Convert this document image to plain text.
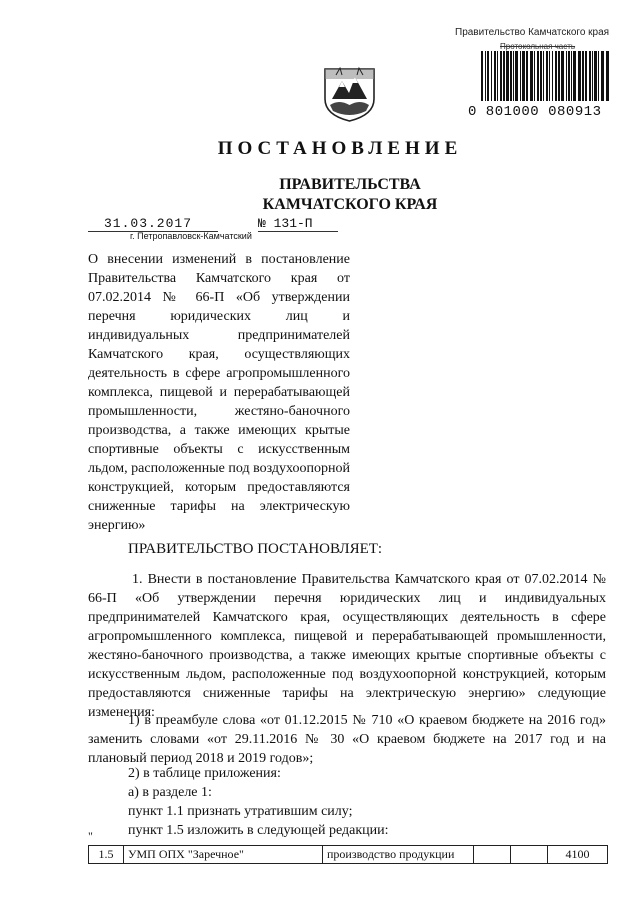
Правительство Камчатского края
Протокольная часть
0 801000 080913
ПОСТАНОВЛЕНИЕ
ПРАВИТЕЛЬСТВА
КАМЧАТСКОГО КРАЯ
31.03.2017	№ 131-П
г. Петропавловск-Камчатский
О внесении изменений в постановление Правительства Камчатского края от 07.02.2014 № 66-П «Об утверждении перечня юридических лиц и индивидуальных предпринимателей Камчатского края, осуществляющих деятельность в сфере агропромышленного комплекса, пищевой и перерабатывающей промышленности, жестяно-баночного производства, а также имеющих крытые спортивные объекты с искусственным льдом, расположенные под воздухоопорной конструкцией, которым предоставляются сниженные тарифы на электрическую энергию»
ПРАВИТЕЛЬСТВО ПОСТАНОВЛЯЕТ:
1. Внести в постановление Правительства Камчатского края от 07.02.2014 № 66-П «Об утверждении перечня юридических лиц и индивидуальных предпринимателей Камчатского края, осуществляющих деятельность в сфере агропромышленного комплекса, пищевой и перерабатывающей промышленности, жестяно-баночного производства, а также имеющих крытые спортивные объекты с искусственным льдом, расположенные под воздухоопорной конструкцией, которым предоставляются сниженные тарифы на электрическую энергию» следующие изменения:
1) в преамбуле слова «от 01.12.2015 № 710 «О краевом бюджете на 2016 год» заменить словами «от 29.11.2016 № 30 «О краевом бюджете на 2017 год и на плановый период 2018 и 2019 годов»;
2) в таблице приложения:
а) в разделе 1:
пункт 1.1 признать утратившим силу;
пункт 1.5 изложить в следующей редакции:
"
1.5	УМП ОПХ "Заречное"	производство продукции			4100
